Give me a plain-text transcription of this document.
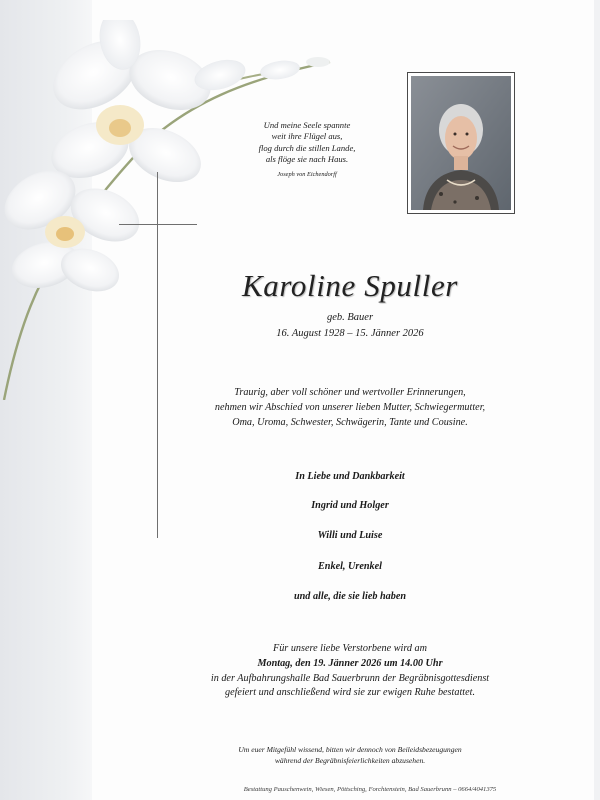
Und meine Seele spannte
weit ihre Flügel aus,
flog durch die stillen Lande,
als flöge sie nach Haus.
Joseph von Eichendorff
Karoline Spuller
geb. Bauer
16. August 1928 – 15. Jänner 2026
Traurig, aber voll schöner und wertvoller Erinnerungen,
nehmen wir Abschied von unserer lieben Mutter, Schwiegermutter,
Oma, Uroma, Schwester, Schwägerin, Tante und Cousine.
In Liebe und Dankbarkeit
Ingrid und Holger
Willi und Luise
Enkel, Urenkel
und alle, die sie lieb haben
Für unsere liebe Verstorbene wird am
Montag, den 19. Jänner 2026 um 14.00 Uhr
in der Aufbahrungshalle Bad Sauerbrunn der Begräbnisgottesdienst
gefeiert und anschließend wird sie zur ewigen Ruhe bestattet.
Um euer Mitgefühl wissend, bitten wir dennoch von Beileidsbezeugungen
während der Begräbnisfeierlichkeiten abzusehen.
Bestattung Pauschenwein, Wiesen, Pöttsching, Forchtenstein, Bad Sauerbrunn – 0664/4041375
